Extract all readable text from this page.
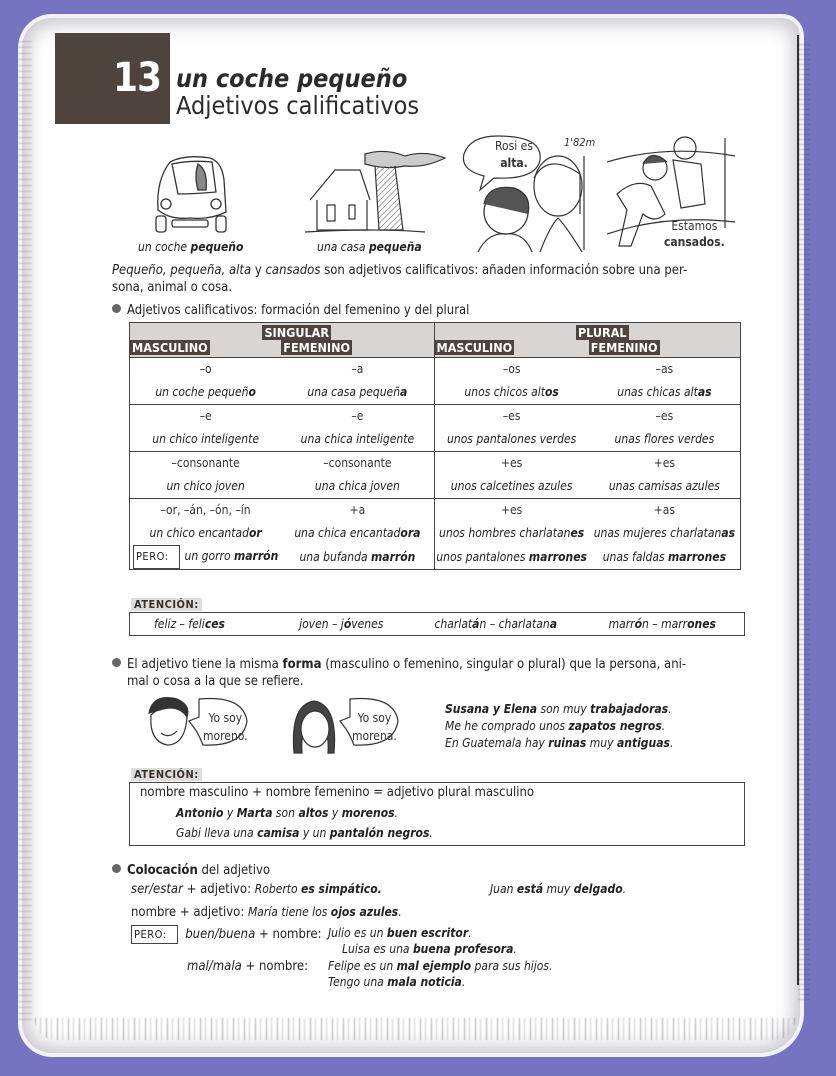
13 un coche pequeño
Adjetivos calificativos
un coche pequeño	una casa pequeña
Rosi es
alta.
1'82m
Estamos
cansados.
Pequeño, pequeña, alta y cansados son adjetivos calificativos: añaden información sobre una per-
sona, animal o cosa.
Adjetivos calificativos: formación del femenino y del plural
SINGULAR		PLURAL	
MASCULINO	FEMENINO	MASCULINO	FEMENINO
–o	–a	–os	–as
un coche pequeño	una casa pequeña	unos chicos altos	unas chicas altas
–e	–e	–es	–es
un chico inteligente	una chica inteligente	unos pantalones verdes	unas flores verdes
–consonante	–consonante	+es	+es
un chico joven	una chica joven	unos calcetines azules	unas camisas azules
–or, –án, –ón, –ín	+a	+es	+as
un chico encantador	una chica encantadora	unos hombres charlatanes	unas mujeres charlatanas
PERO: un gorro marrón	una bufanda marrón	unos pantalones marrones	unas faldas marrones
ATENCIÓN:
feliz – felices	joven – jóvenes	charlatán – charlatana	marrón – marrones
El adjetivo tiene la misma forma (masculino o femenino, singular o plural) que la persona, ani-
mal o cosa a la que se refiere.
Yo soy
moreno.
Yo soy
morena.
Susana y Elena son muy trabajadoras.
Me he comprado unos zapatos negros.
En Guatemala hay ruinas muy antiguas.
ATENCIÓN:
nombre masculino + nombre femenino = adjetivo plural masculino
Antonio y Marta son altos y morenos.
Gabi lleva una camisa y un pantalón negros.
Colocación del adjetivo
ser/estar + adjetivo: Roberto es simpático.	Juan está muy delgado.
nombre + adjetivo: María tiene los ojos azules.
PERO: buen/buena + nombre: Julio es un buen escritor.
Luisa es una buena profesora.
mal/mala + nombre: Felipe es un mal ejemplo para sus hijos.
Tengo una mala noticia.
